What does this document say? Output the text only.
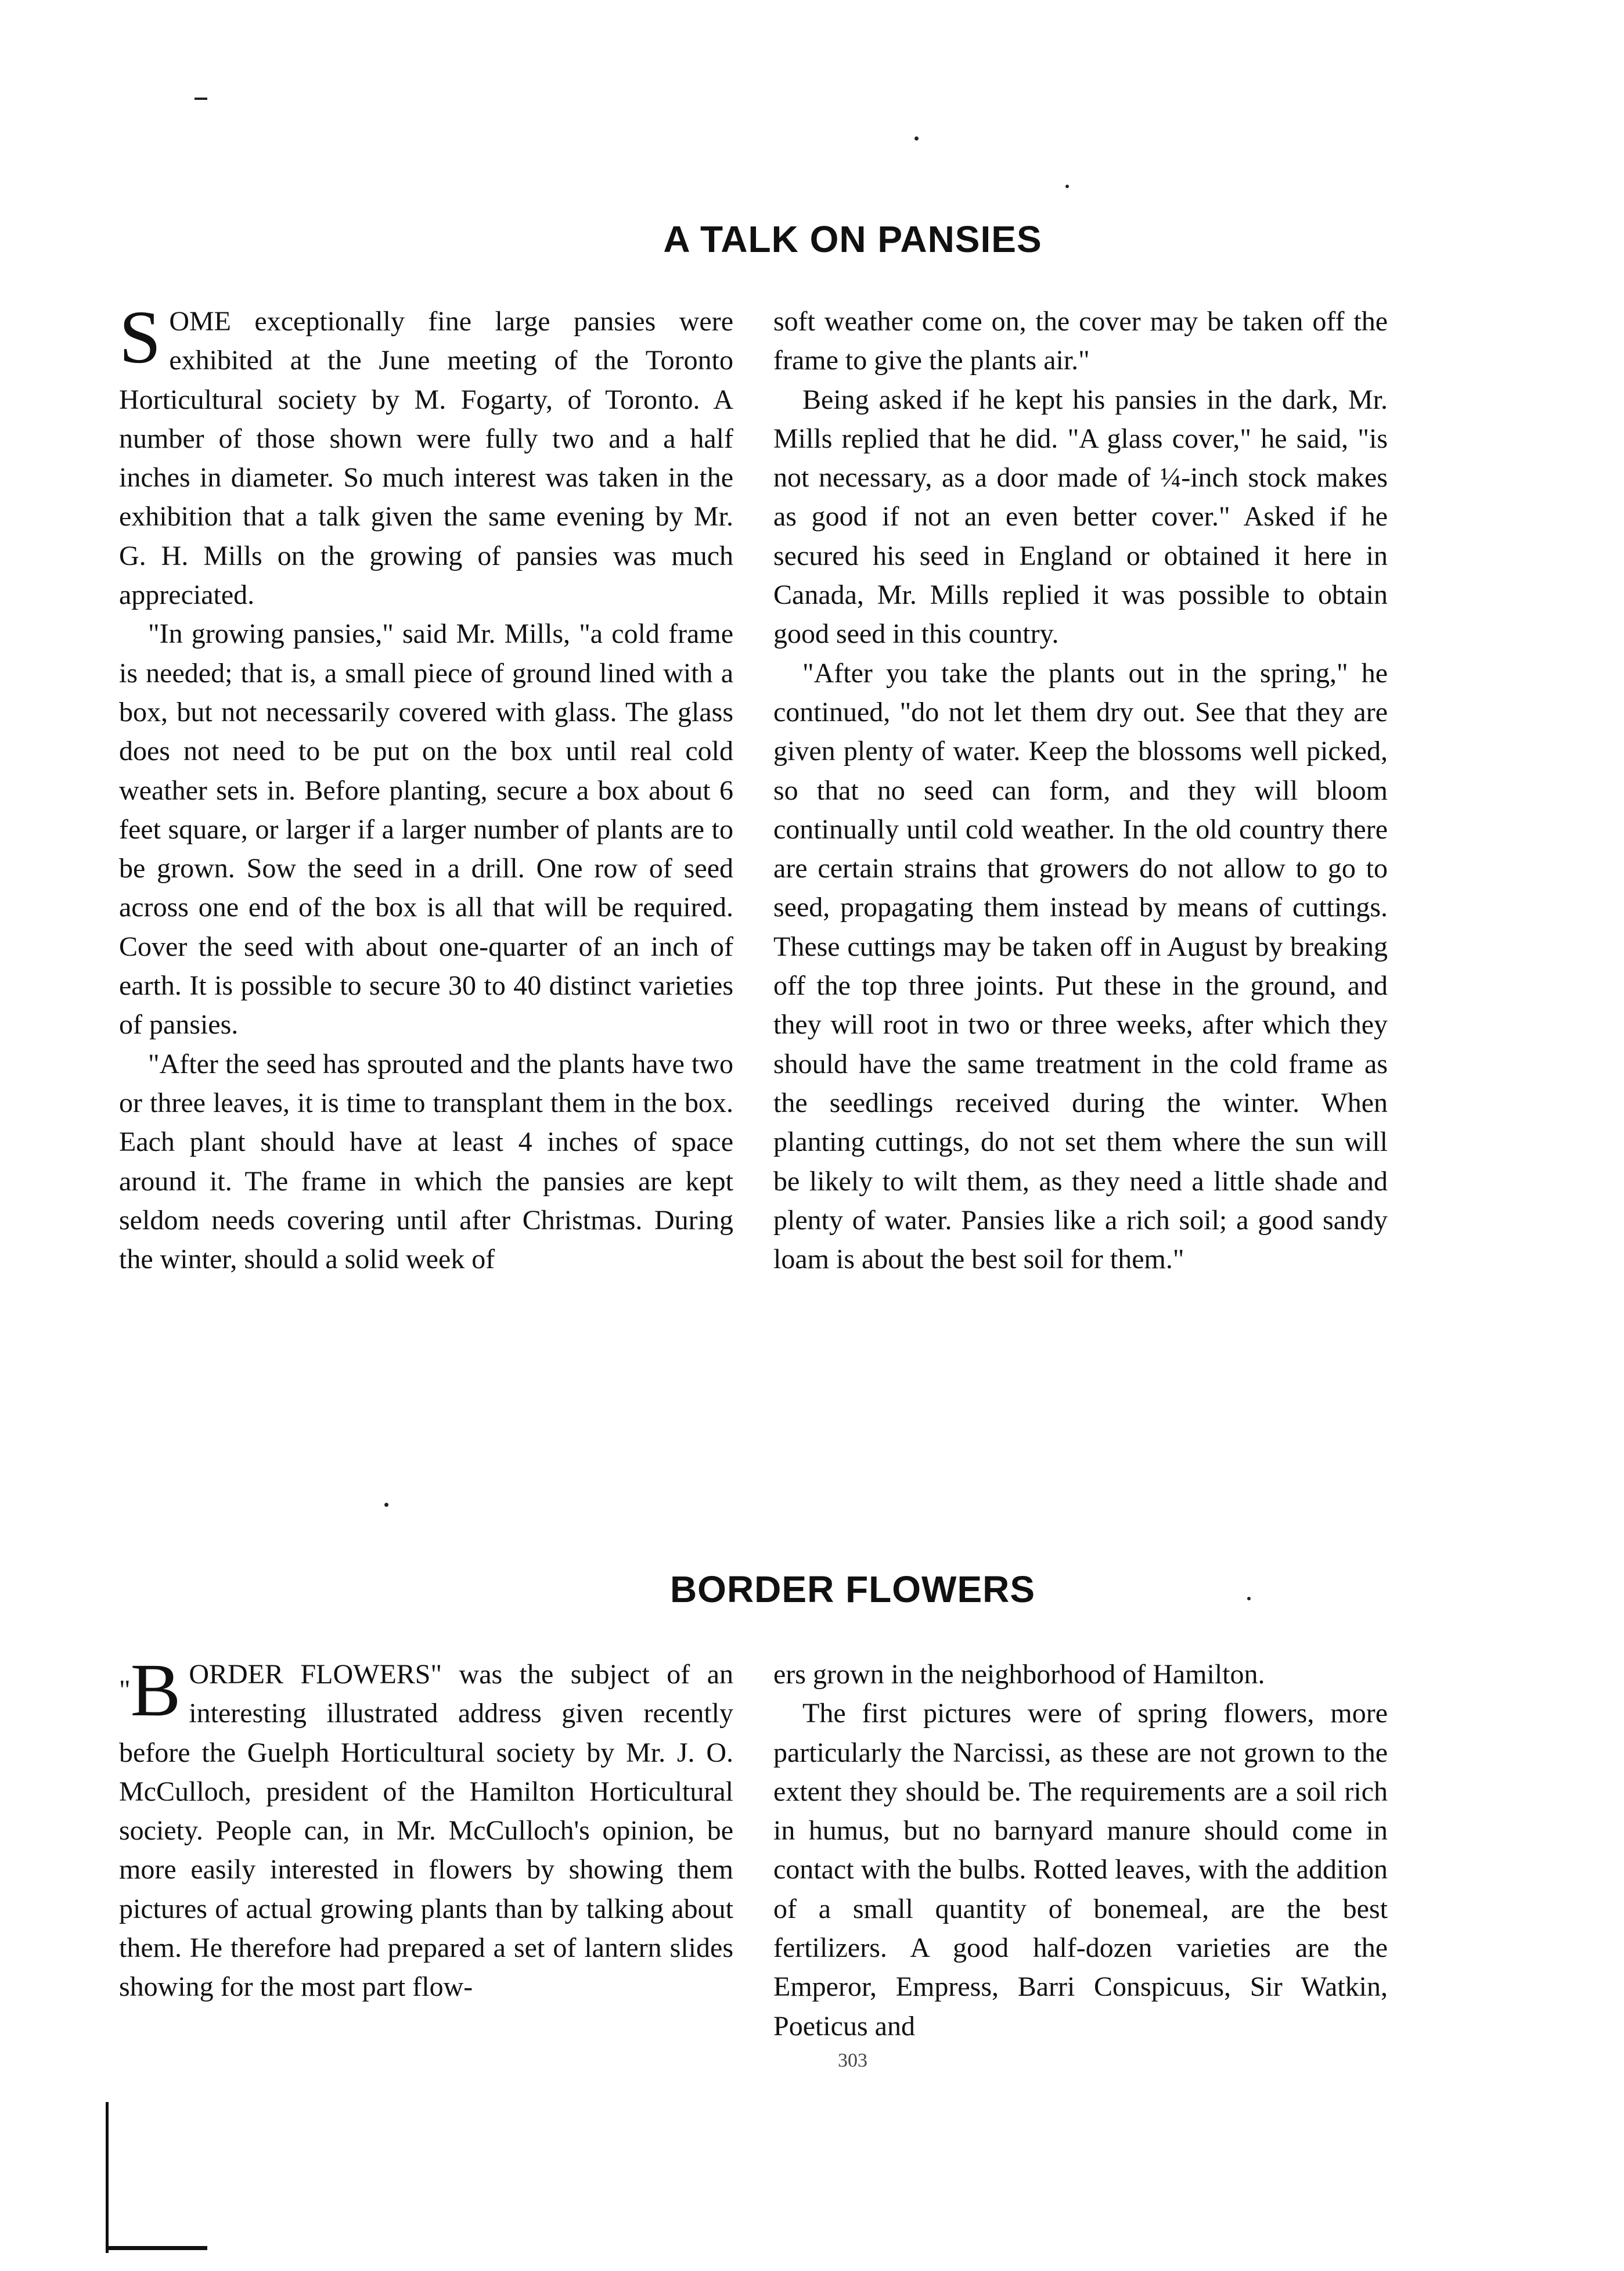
A TALK ON PANSIES

SOME exceptionally fine large pansies were exhibited at the June meeting of the Toronto Horticultural society by M. Fogarty, of Toronto. A number of those shown were fully two and a half inches in diameter. So much interest was taken in the exhibition that a talk given the same evening by Mr. G. H. Mills on the growing of pansies was much appreciated.

"In growing pansies," said Mr. Mills, "a cold frame is needed; that is, a small piece of ground lined with a box, but not necessarily covered with glass. The glass does not need to be put on the box until real cold weather sets in. Before planting, secure a box about 6 feet square, or larger if a larger number of plants are to be grown. Sow the seed in a drill. One row of seed across one end of the box is all that will be required. Cover the seed with about one-quarter of an inch of earth. It is possible to secure 30 to 40 distinct varieties of pansies.

"After the seed has sprouted and the plants have two or three leaves, it is time to transplant them in the box. Each plant should have at least 4 inches of space around it. The frame in which the pansies are kept seldom needs covering until after Christmas. During the winter, should a solid week of

soft weather come on, the cover may be taken off the frame to give the plants air."

Being asked if he kept his pansies in the dark, Mr. Mills replied that he did. "A glass cover," he said, "is not necessary, as a door made of ¼-inch stock makes as good if not an even better cover." Asked if he secured his seed in England or obtained it here in Canada, Mr. Mills replied it was possible to obtain good seed in this country.

"After you take the plants out in the spring," he continued, "do not let them dry out. See that they are given plenty of water. Keep the blossoms well picked, so that no seed can form, and they will bloom continually until cold weather. In the old country there are certain strains that growers do not allow to go to seed, propagating them instead by means of cuttings. These cuttings may be taken off in August by breaking off the top three joints. Put these in the ground, and they will root in two or three weeks, after which they should have the same treatment in the cold frame as the seedlings received during the winter. When planting cuttings, do not set them where the sun will be likely to wilt them, as they need a little shade and plenty of water. Pansies like a rich soil; a good sandy loam is about the best soil for them."

BORDER FLOWERS

"B ORDER FLOWERS" was the subject of an interesting illustrated address given recently before the Guelph Horticultural society by Mr. J. O. McCulloch, president of the Hamilton Horticultural society. People can, in Mr. McCulloch's opinion, be more easily interested in flowers by showing them pictures of actual growing plants than by talking about them. He therefore had prepared a set of lantern slides showing for the most part flow-

ers grown in the neighborhood of Hamilton.

The first pictures were of spring flowers, more particularly the Narcissi, as these are not grown to the extent they should be. The requirements are a soil rich in humus, but no barnyard manure should come in contact with the bulbs. Rotted leaves, with the addition of a small quantity of bonemeal, are the best fertilizers. A good half-dozen varieties are the Emperor, Empress, Barri Conspicuus, Sir Watkin, Poeticus and

303
